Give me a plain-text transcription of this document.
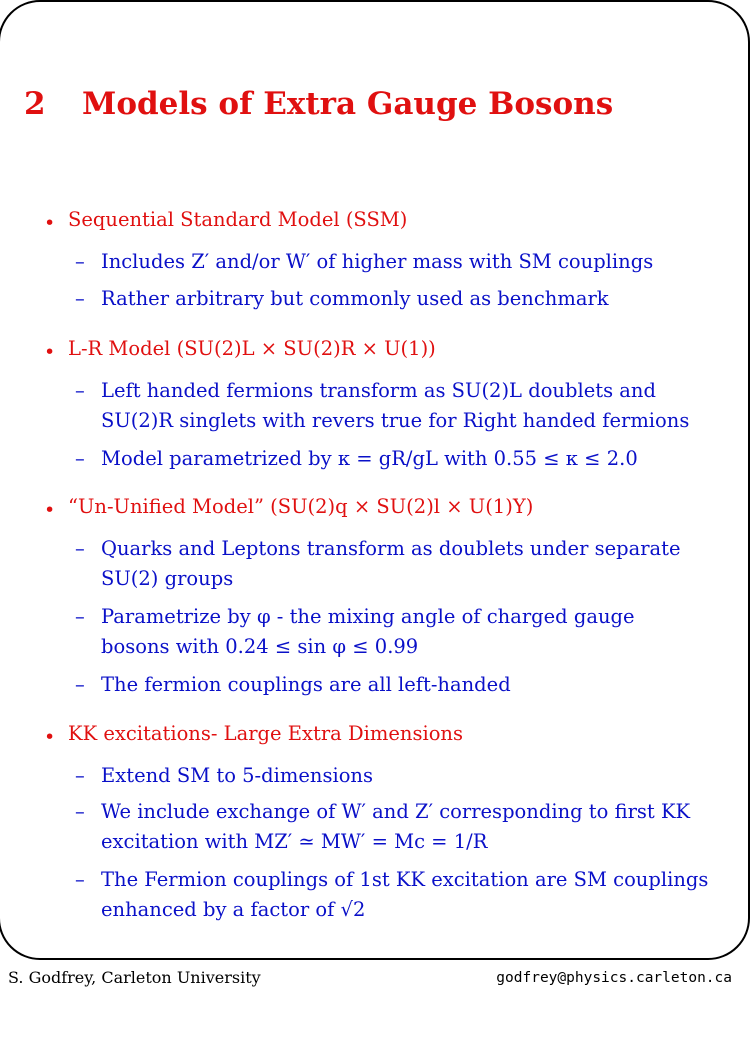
2 Models of Extra Gauge Bosons
• Sequential Standard Model (SSM)
– Includes Z′ and/or W′ of higher mass with SM couplings
– Rather arbitrary but commonly used as benchmark
• L-R Model (SU(2)L × SU(2)R × U(1))
– Left handed fermions transform as SU(2)L doublets and SU(2)R singlets with revers true for Right handed fermions
– Model parametrized by κ = gR/gL with 0.55 ≤ κ ≤ 2.0
• “Un-Unified Model” (SU(2)q × SU(2)l × U(1)Y)
– Quarks and Leptons transform as doublets under separate SU(2) groups
– Parametrize by φ - the mixing angle of charged gauge bosons with 0.24 ≤ sin φ ≤ 0.99
– The fermion couplings are all left-handed
• KK excitations- Large Extra Dimensions
– Extend SM to 5-dimensions
– We include exchange of W′ and Z′ corresponding to first KK excitation with MZ′ ≃ MW′ = Mc = 1/R
– The Fermion couplings of 1st KK excitation are SM couplings enhanced by a factor of √2
S. Godfrey, Carleton University	godfrey@physics.carleton.ca
